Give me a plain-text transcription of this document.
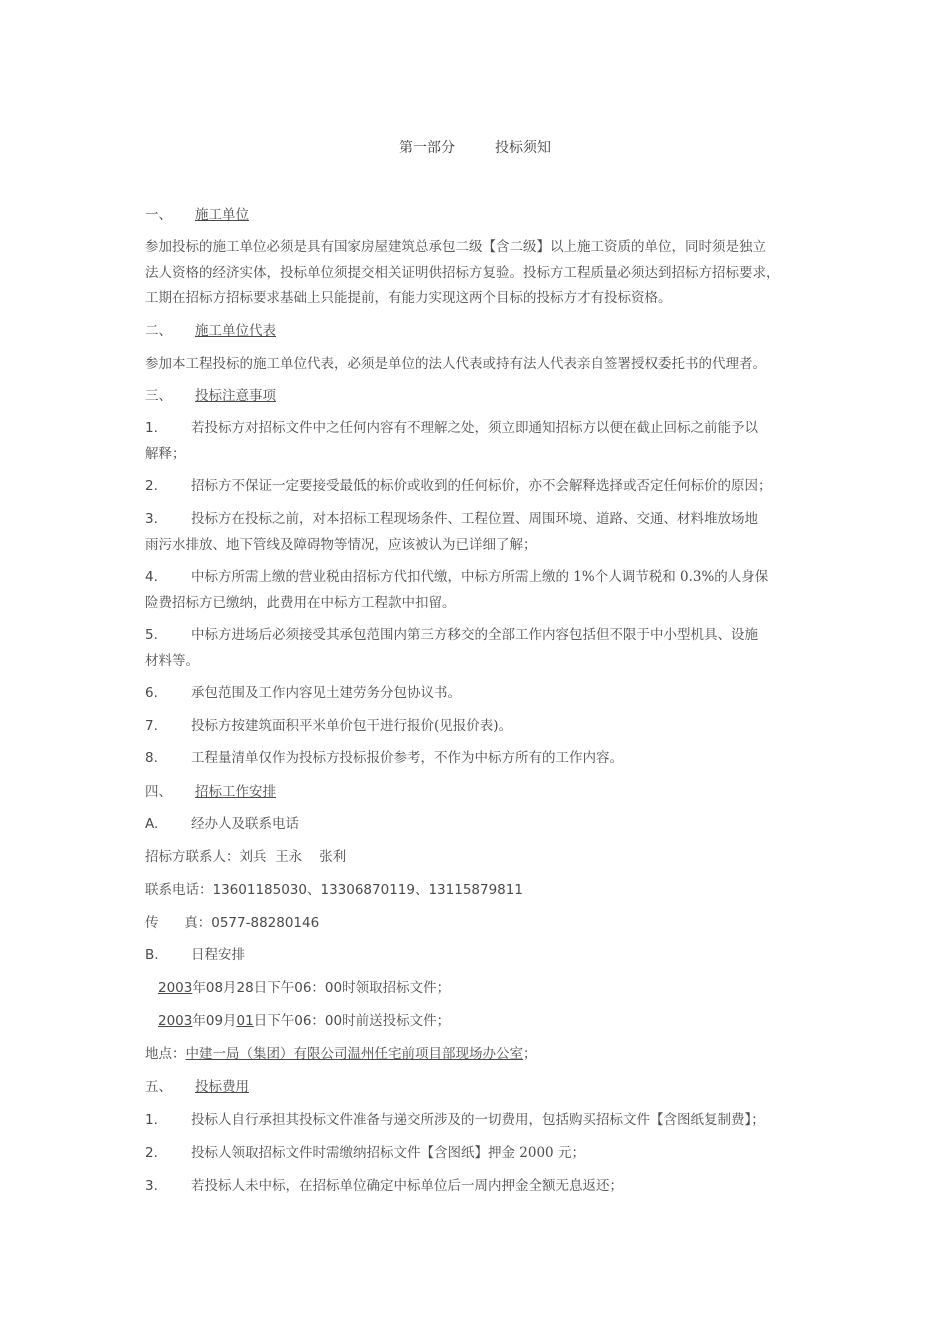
第一部分	投标须知
一、 施工单位
参加投标的施工单位必须是具有国家房屋建筑总承包二级【含二级】以上施工资质的单位，同时须是独立
法人资格的经济实体，投标单位须提交相关证明供招标方复验。投标方工程质量必须达到招标方招标要求，
工期在招标方招标要求基础上只能提前，有能力实现这两个目标的投标方才有投标资格。
二、 施工单位代表
参加本工程投标的施工单位代表，必须是单位的法人代表或持有法人代表亲自签署授权委托书的代理者。
三、 投标注意事项
1. 若投标方对招标文件中之任何内容有不理解之处，须立即通知招标方以便在截止回标之前能予以
解释；
2. 招标方不保证一定要接受最低的标价或收到的任何标价，亦不会解释选择或否定任何标价的原因；
3. 投标方在投标之前，对本招标工程现场条件、工程位置、周围环境、道路、交通、材料堆放场地
雨污水排放、地下管线及障碍物等情况，应该被认为已详细了解；
4. 中标方所需上缴的营业税由招标方代扣代缴，中标方所需上缴的 1%个人调节税和 0.3%的人身保
险费招标方已缴纳，此费用在中标方工程款中扣留。
5. 中标方进场后必须接受其承包范围内第三方移交的全部工作内容包括但不限于中小型机具、设施
材料等。
6. 承包范围及工作内容见土建劳务分包协议书。
7. 投标方按建筑面积平米单价包干进行报价(见报价表)。
8. 工程量清单仅作为投标方投标报价参考，不作为中标方所有的工作内容。
四、 招标工作安排
A. 经办人及联系电话
招标方联系人：刘兵  王永    张利
联系电话：13601185030、13306870119、13115879811
传      真：0577-88280146
B. 日程安排
2003年08月28日下午06：00时领取招标文件；
2003年09月01日下午06：00时前送投标文件；
地点：中建一局（集团）有限公司温州任宅前项目部现场办公室；
五、 投标费用
1. 投标人自行承担其投标文件准备与递交所涉及的一切费用，包括购买招标文件【含图纸复制费】；
2. 投标人领取招标文件时需缴纳招标文件【含图纸】押金 2000 元；
3. 若投标人未中标，在招标单位确定中标单位后一周内押金全额无息返还；
